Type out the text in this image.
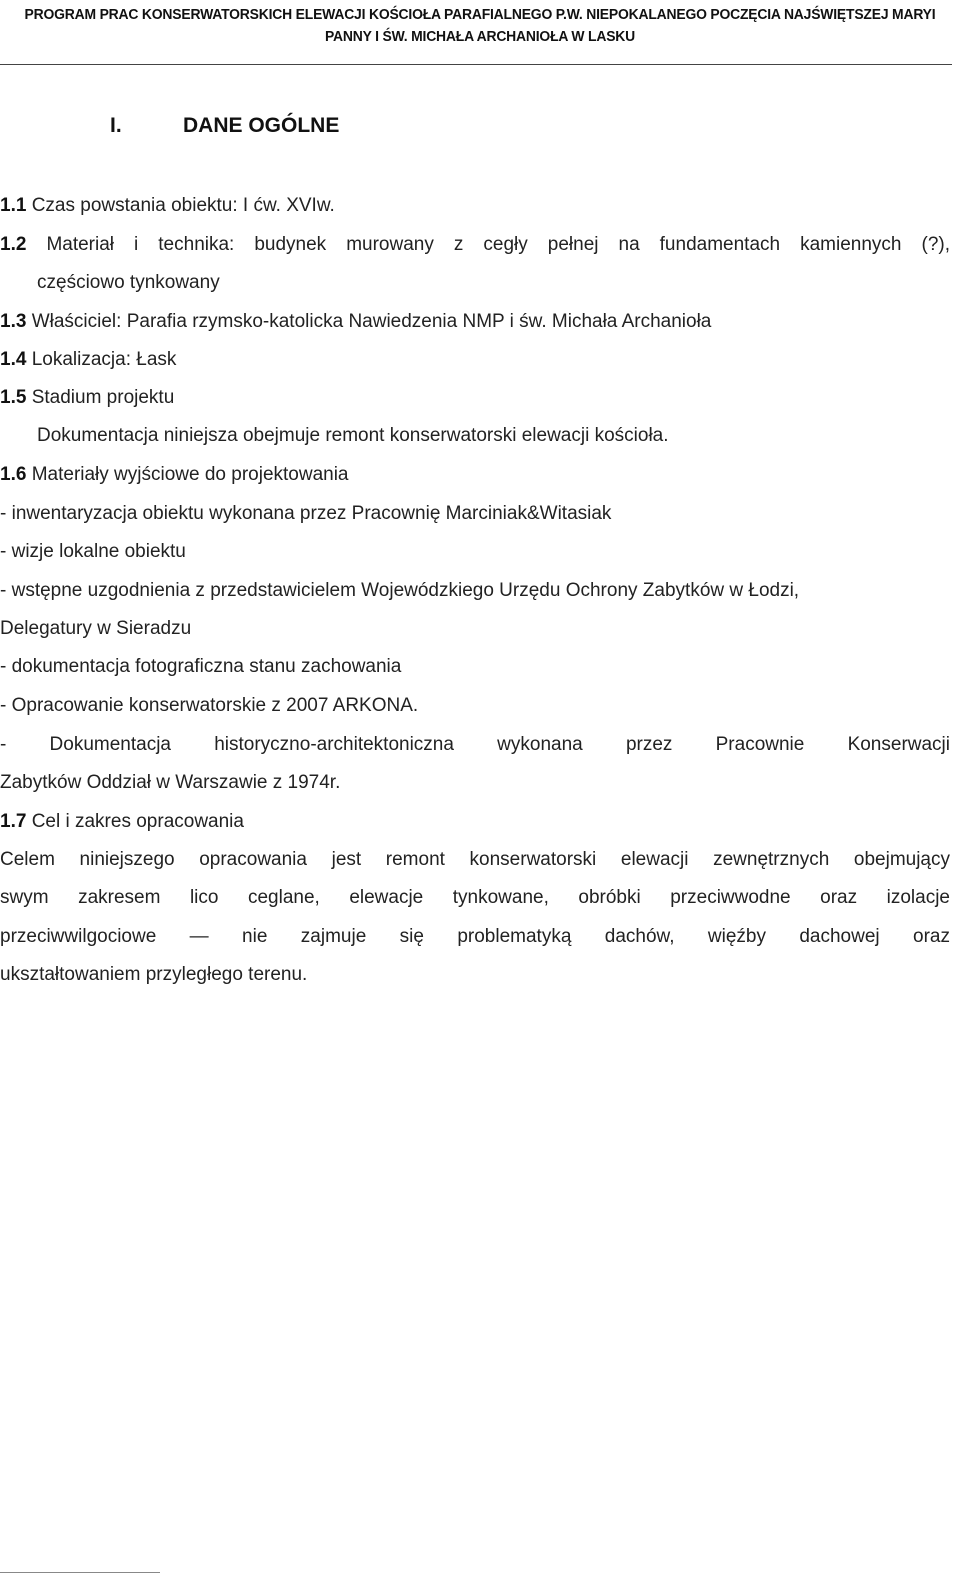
PROGRAM PRAC KONSERWATORSKICH ELEWACJI KOŚCIOŁA PARAFIALNEGO P.W. NIEPOKALANEGO POCZĘCIA NAJŚWIĘTSZEJ MARYI
PANNY I ŚW. MICHAŁA ARCHANIOŁA W LASKU
I.	DANE OGÓLNE
1.1 Czas powstania obiektu: I ćw. XVIw.
1.2 Materiał i technika: budynek murowany z cegły pełnej na fundamentach kamiennych (?),
częściowo tynkowany
1.3 Właściciel: Parafia rzymsko-katolicka Nawiedzenia NMP i św. Michała Archanioła
1.4 Lokalizacja: Łask
1.5 Stadium projektu
Dokumentacja niniejsza obejmuje remont konserwatorski elewacji kościoła.
1.6 Materiały wyjściowe do projektowania
- inwentaryzacja obiektu wykonana przez Pracownię Marciniak&Witasiak
- wizje lokalne obiektu
- wstępne uzgodnienia z przedstawicielem Wojewódzkiego Urzędu Ochrony Zabytków w Łodzi,
Delegatury w Sieradzu
- dokumentacja fotograficzna stanu zachowania
- Opracowanie konserwatorskie z 2007 ARKONA.
- Dokumentacja historyczno-architektoniczna wykonana przez Pracownie Konserwacji
Zabytków Oddział w Warszawie z 1974r.
1.7 Cel i zakres opracowania
Celem niniejszego opracowania jest remont konserwatorski elewacji zewnętrznych obejmujący
swym zakresem lico ceglane, elewacje tynkowane, obróbki przeciwwodne oraz izolacje
przeciwwilgociowe — nie zajmuje się problematyką dachów, więźby dachowej oraz
ukształtowaniem przyległego terenu.
